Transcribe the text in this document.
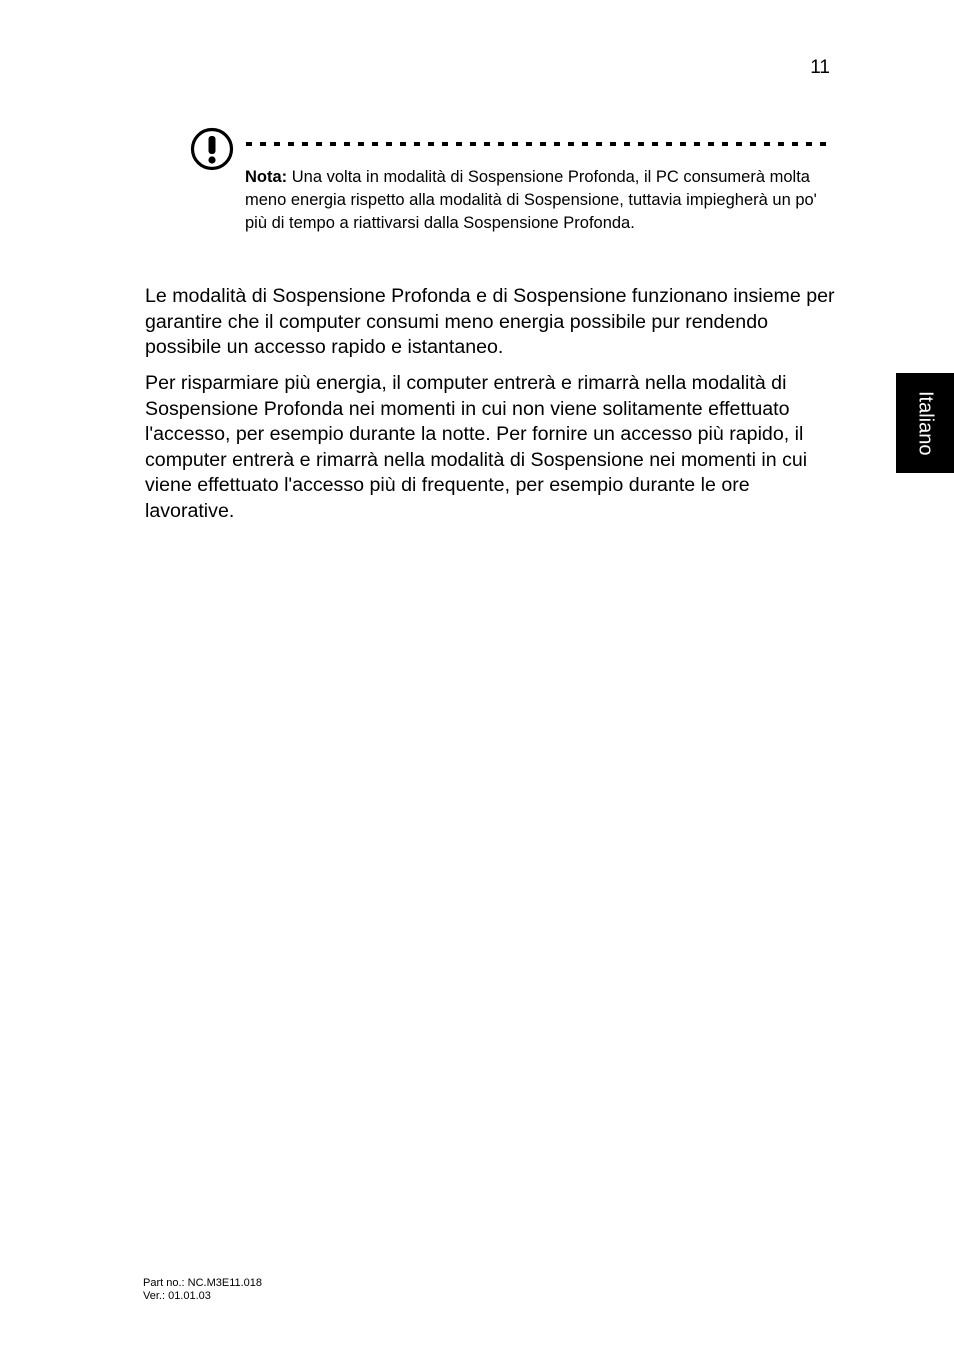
11
Italiano

Nota: Una volta in modalità di Sospensione Profonda, il PC consumerà molta meno energia rispetto alla modalità di Sospensione, tuttavia impiegherà un po' più di tempo a riattivarsi dalla Sospensione Profonda.

Le modalità di Sospensione Profonda e di Sospensione funzionano insieme per garantire che il computer consumi meno energia possibile pur rendendo possibile un accesso rapido e istantaneo.

Per risparmiare più energia, il computer entrerà e rimarrà nella modalità di Sospensione Profonda nei momenti in cui non viene solitamente effettuato l'accesso, per esempio durante la notte. Per fornire un accesso più rapido, il computer entrerà e rimarrà nella modalità di Sospensione nei momenti in cui viene effettuato l'accesso più di frequente, per esempio durante le ore lavorative.

Part no.: NC.M3E11.018
Ver.: 01.01.03
